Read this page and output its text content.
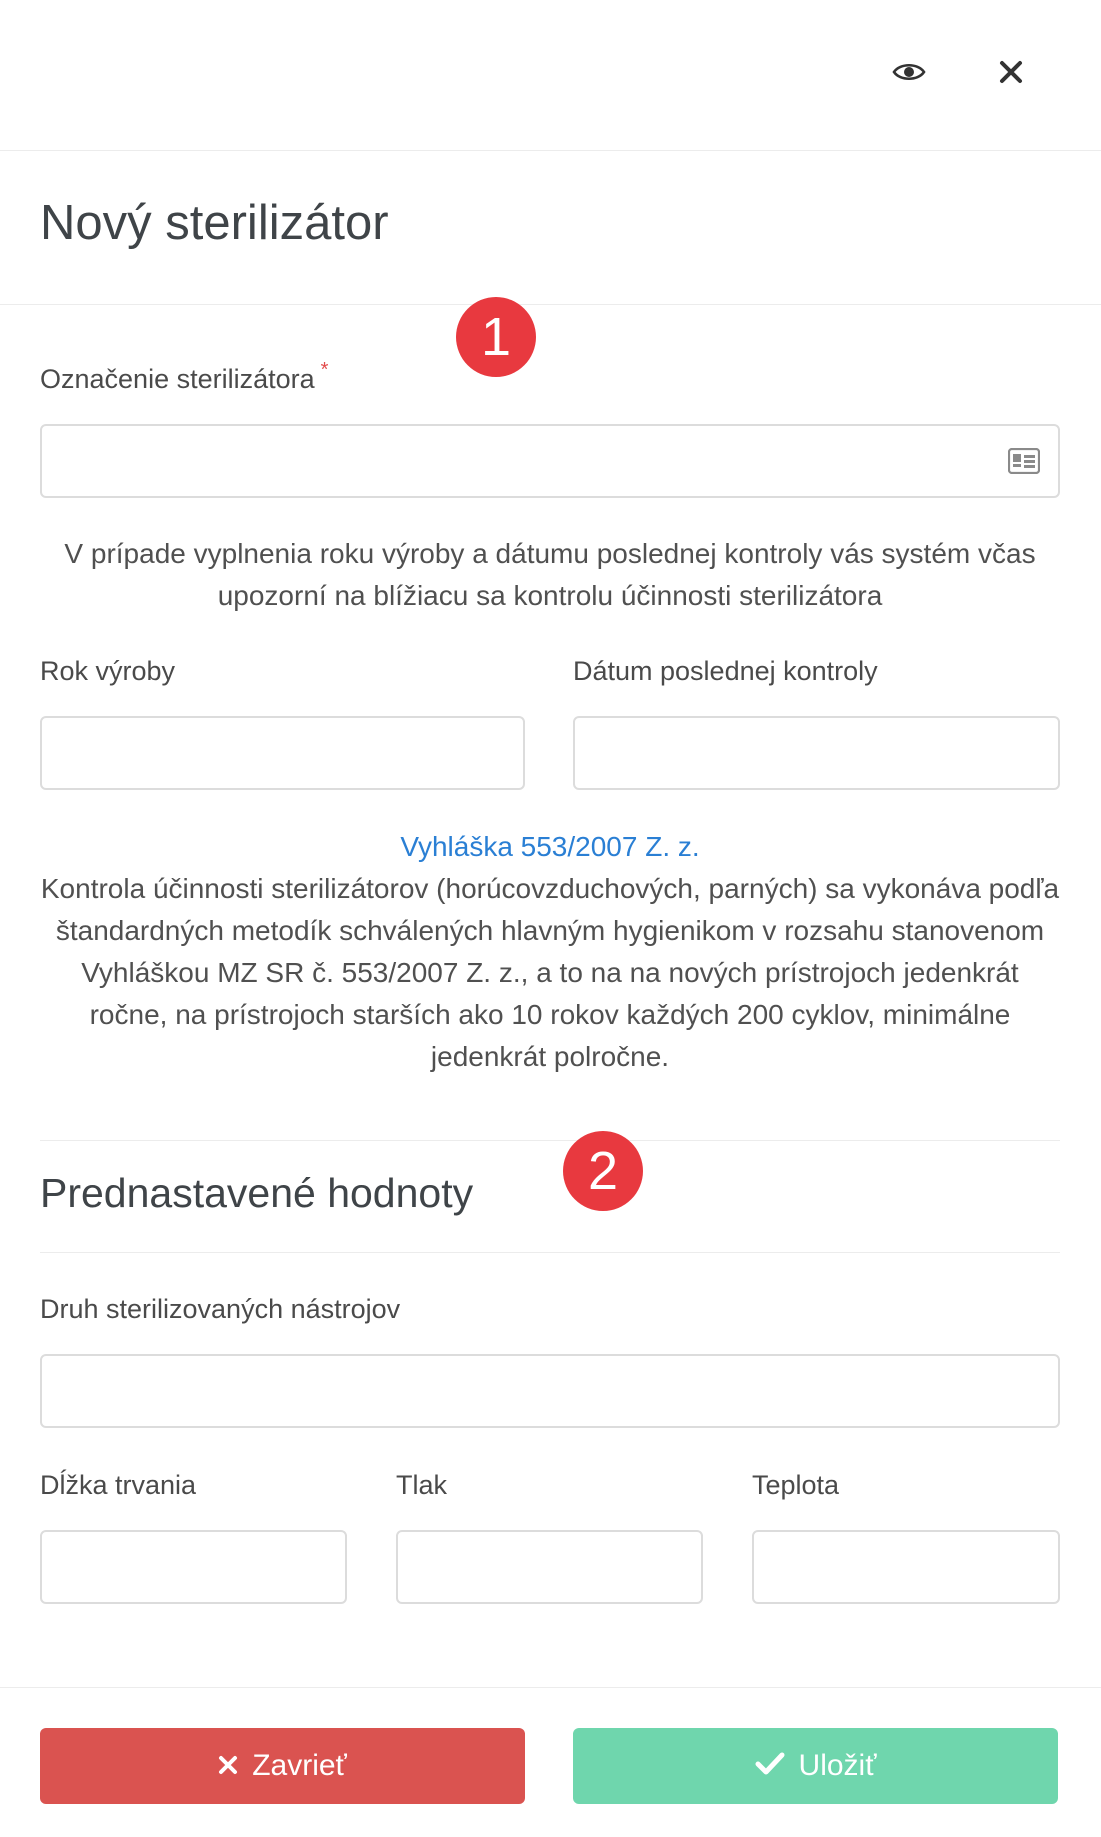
Nový sterilizátor
1
Označenie sterilizátora *

V prípade vyplnenia roku výroby a dátumu poslednej kontroly vás systém včas upozorní na blížiacu sa kontrolu účinnosti sterilizátora

Rok výroby	Dátum poslednej kontroly

Vyhláška 553/2007 Z. z.

Kontrola účinnosti sterilizátorov (horúcovzduchových, parných) sa vykonáva podľa štandardných metodík schválených hlavným hygienikom v rozsahu stanovenom Vyhláškou MZ SR č. 553/2007 Z. z., a to na na nových prístrojoch jedenkrát ročne, na prístrojoch starších ako 10 rokov každých 200 cyklov, minimálne jedenkrát polročne.

2
Prednastavené hodnoty
Druh sterilizovaných nástrojov
Dĺžka trvania	Tlak	Teplota
Zavrieť	Uložiť
